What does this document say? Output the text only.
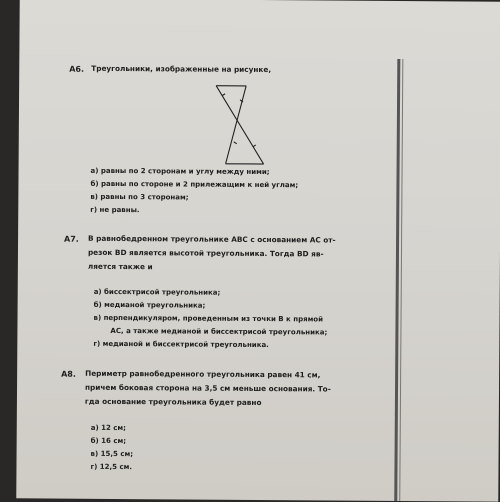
А6. Треугольники, изображенные на рисунке,
а) равны по 2 сторонам и углу между ними;
б) равны по стороне и 2 прилежащим к ней углам;
в) равны по 3 сторонам;
г) не равны.
А7. В равнобедренном треугольнике ABC с основанием AC от-
резок BD является высотой треугольника. Тогда BD яв-
ляется также и
а) биссектрисой треугольника;
б) медианой треугольника;
в) перпендикуляром, проведенным из точки B к прямой
AC, а также медианой и биссектрисой треугольника;
г) медианой и биссектрисой треугольника.
А8. Периметр равнобедренного треугольника равен 41 см,
причем боковая сторона на 3,5 см меньше основания. То-
гда основание треугольника будет равно
а) 12 см;
б) 16 см;
в) 15,5 см;
г) 12,5 см.
